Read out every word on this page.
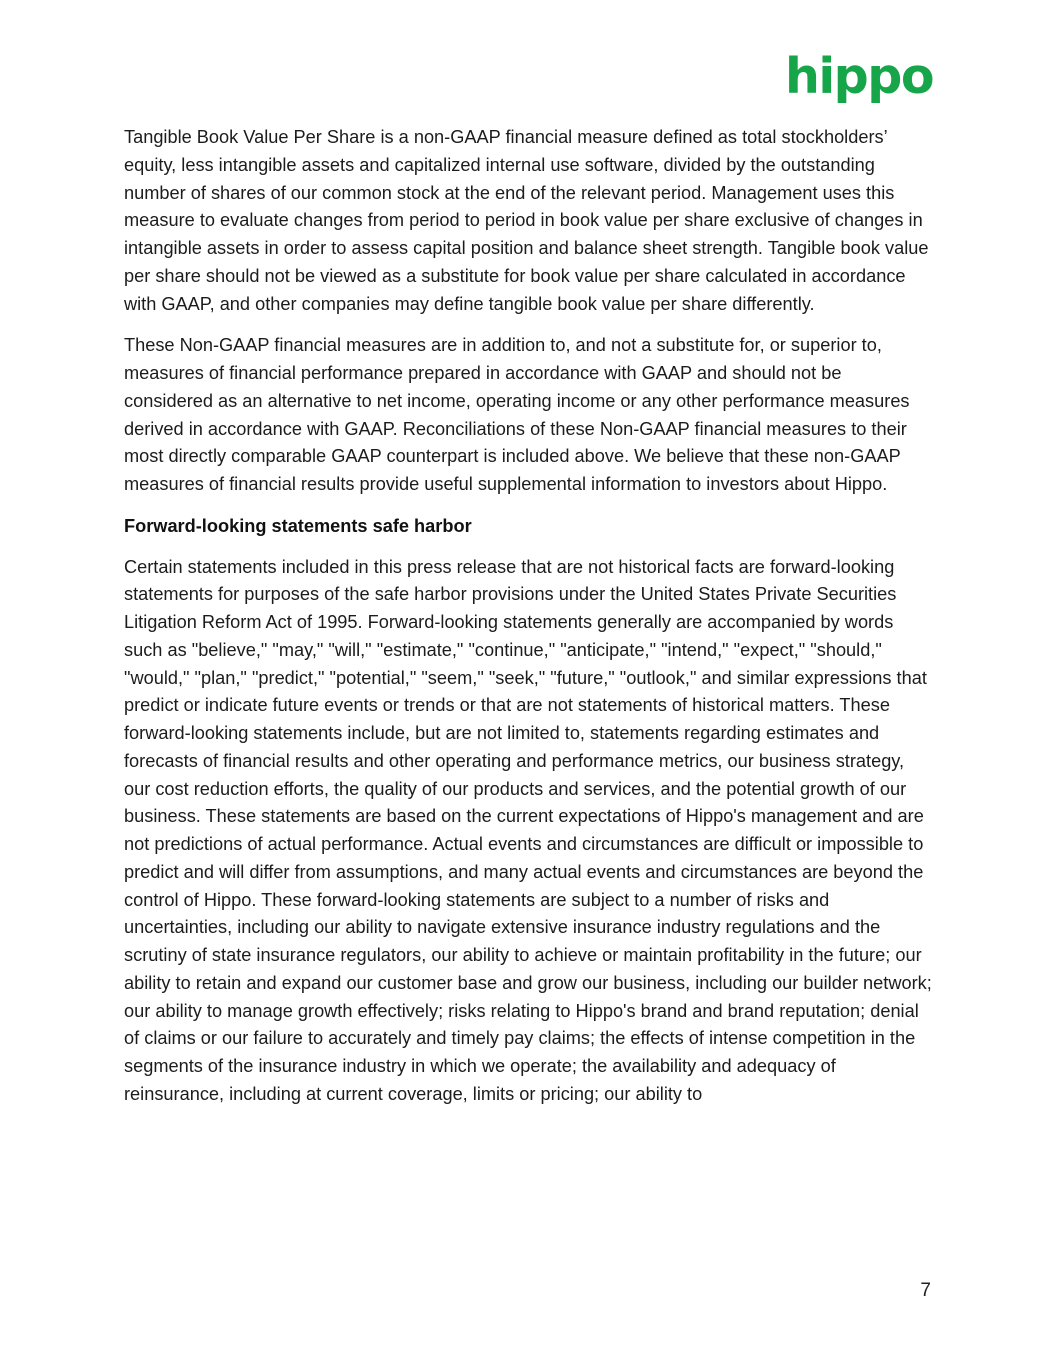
hippo

Tangible Book Value Per Share is a non-GAAP financial measure defined as total stockholders’ equity, less intangible assets and capitalized internal use software, divided by the outstanding number of shares of our common stock at the end of the relevant period. Management uses this measure to evaluate changes from period to period in book value per share exclusive of changes in intangible assets in order to assess capital position and balance sheet strength. Tangible book value per share should not be viewed as a substitute for book value per share calculated in accordance with GAAP, and other companies may define tangible book value per share differently.

These Non-GAAP financial measures are in addition to, and not a substitute for, or superior to, measures of financial performance prepared in accordance with GAAP and should not be considered as an alternative to net income, operating income or any other performance measures derived in accordance with GAAP. Reconciliations of these Non-GAAP financial measures to their most directly comparable GAAP counterpart is included above. We believe that these non-GAAP measures of financial results provide useful supplemental information to investors about Hippo.

Forward-looking statements safe harbor

Certain statements included in this press release that are not historical facts are forward-looking statements for purposes of the safe harbor provisions under the United States Private Securities Litigation Reform Act of 1995. Forward-looking statements generally are accompanied by words such as "believe," "may," "will," "estimate," "continue," "anticipate," "intend," "expect," "should," "would," "plan," "predict," "potential," "seem," "seek," "future," "outlook," and similar expressions that predict or indicate future events or trends or that are not statements of historical matters. These forward-looking statements include, but are not limited to, statements regarding estimates and forecasts of financial results and other operating and performance metrics, our business strategy, our cost reduction efforts, the quality of our products and services, and the potential growth of our business. These statements are based on the current expectations of Hippo's management and are not predictions of actual performance. Actual events and circumstances are difficult or impossible to predict and will differ from assumptions, and many actual events and circumstances are beyond the control of Hippo. These forward-looking statements are subject to a number of risks and uncertainties, including our ability to navigate extensive insurance industry regulations and the scrutiny of state insurance regulators, our ability to achieve or maintain profitability in the future; our ability to retain and expand our customer base and grow our business, including our builder network; our ability to manage growth effectively; risks relating to Hippo's brand and brand reputation; denial of claims or our failure to accurately and timely pay claims; the effects of intense competition in the segments of the insurance industry in which we operate; the availability and adequacy of reinsurance, including at current coverage, limits or pricing; our ability to

7
